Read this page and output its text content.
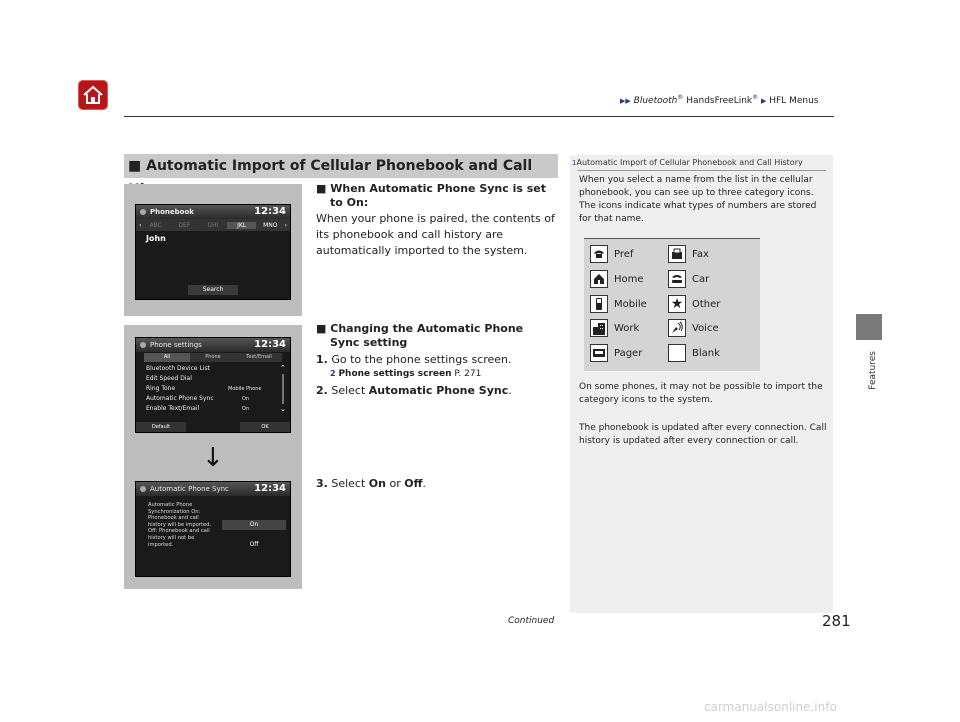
▶▶ Bluetooth® HandsFreeLink® ▶ HFL Menus
Features
■ Automatic Import of Cellular Phonebook and Call
Phonebook	12:34
‹	ABC	DEF	GHI	JKL	MNO	›
John
Search
Phone settings	12:34
All	Phone	Text/Email
Bluetooth Device List
Edit Speed Dial
Ring Tone	Mobile Phone
Automatic Phone Sync	On
Enable Text/Email	On
⌃
⌄
Default	OK
↓
Automatic Phone Sync	12:34
Automatic Phone Synchronization On: Phonebook and call history will be imported. Off: Phonebook and call history will not be imported.
On
Off
■ When Automatic Phone Sync is set to On:
When your phone is paired, the contents of its phonebook and call history are automatically imported to the system.
■ Changing the Automatic Phone Sync setting
1. Go to the phone settings screen.
2 Phone settings screen P. 271
2. Select Automatic Phone Sync.
3. Select On or Off.
1Automatic Import of Cellular Phonebook and Call History
When you select a name from the list in the cellular phonebook, you can see up to three category icons. The icons indicate what types of numbers are stored for that name.
Pref	Fax
Home	Car
Mobile ★ Other
Work	Voice
Pager	Blank
On some phones, it may not be possible to import the category icons to the system.
The phonebook is updated after every connection. Call history is updated after every connection or call.
Continued	281
carmanualsonline.info
